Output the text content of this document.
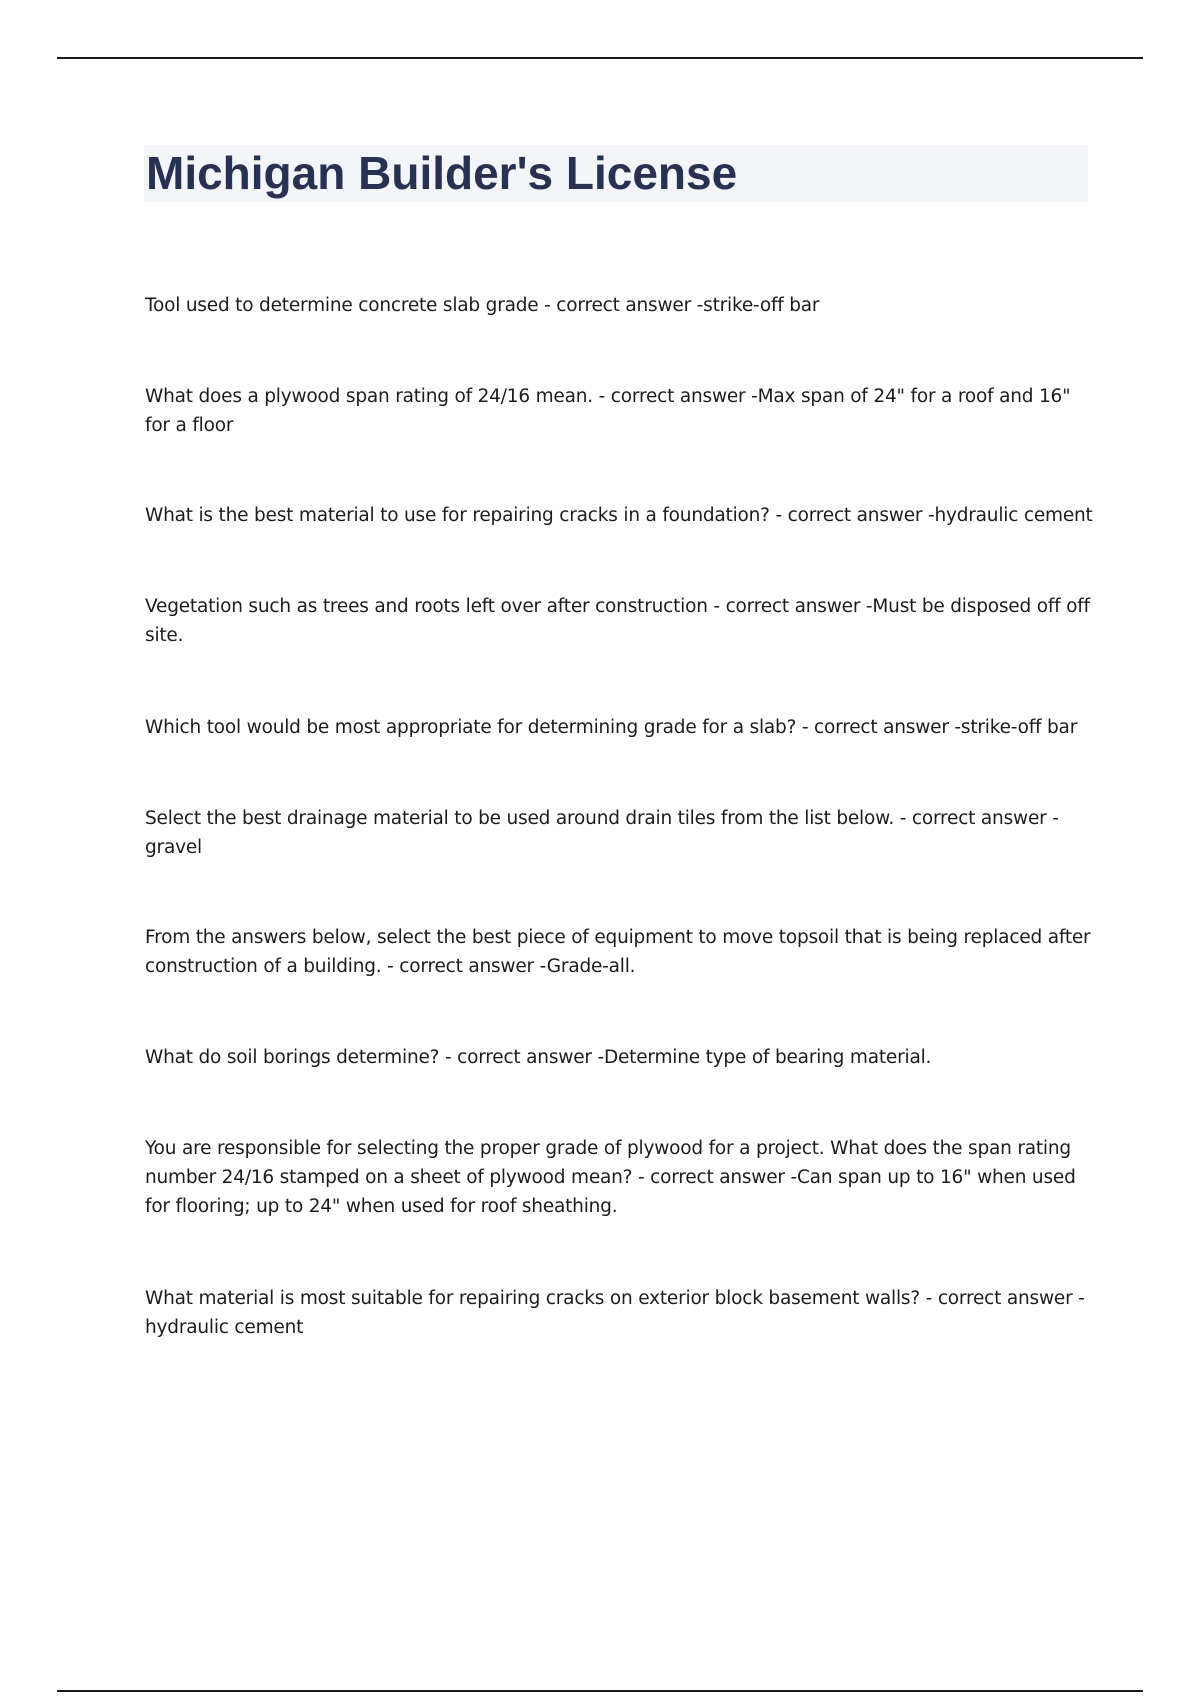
Michigan Builder's License
Tool used to determine concrete slab grade - correct answer -strike-off bar
What does a plywood span rating of 24/16 mean. - correct answer -Max span of 24" for a roof and 16" for a floor
What is the best material to use for repairing cracks in a foundation? - correct answer -hydraulic cement
Vegetation such as trees and roots left over after construction - correct answer -Must be disposed off off site.
Which tool would be most appropriate for determining grade for a slab? - correct answer -strike-off bar
Select the best drainage material to be used around drain tiles from the list below. - correct answer -gravel
From the answers below, select the best piece of equipment to move topsoil that is being replaced after construction of a building. - correct answer -Grade-all.
What do soil borings determine? - correct answer -Determine type of bearing material.
You are responsible for selecting the proper grade of plywood for a project. What does the span rating number 24/16 stamped on a sheet of plywood mean? - correct answer -Can span up to 16" when used for flooring; up to 24" when used for roof sheathing.
What material is most suitable for repairing cracks on exterior block basement walls? - correct answer -hydraulic cement
